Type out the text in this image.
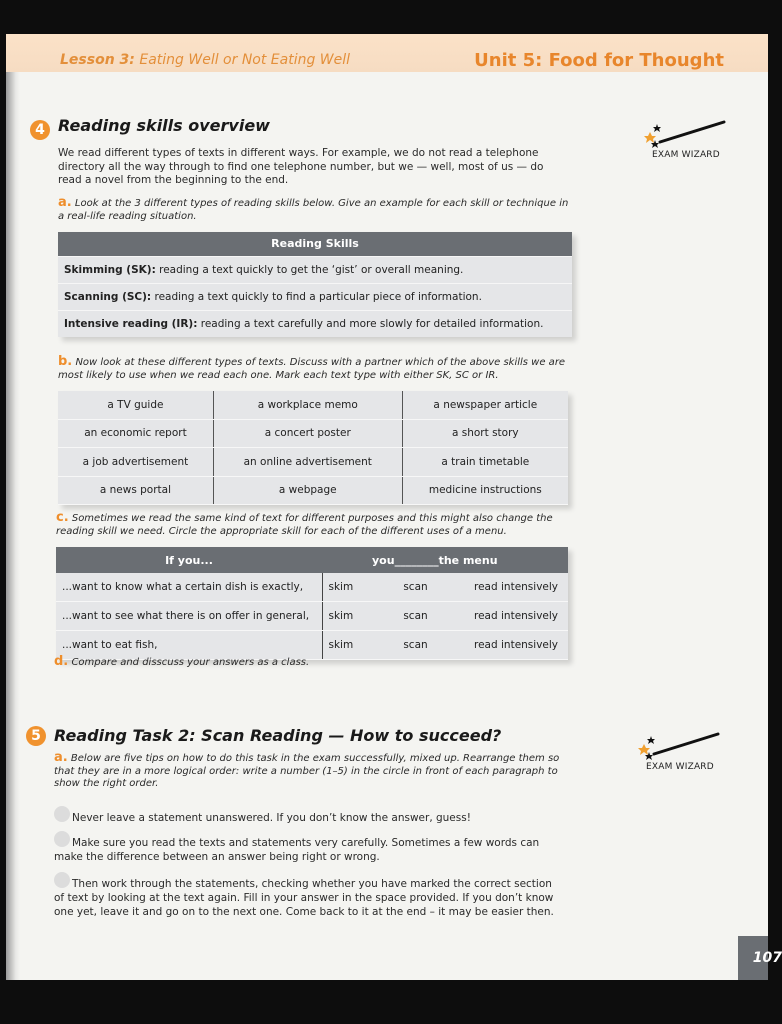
Lesson 3: Eating Well or Not Eating Well	Unit 5: Food for Thought
4 Reading skills overview
We read different types of texts in different ways. For example, we do not read a telephone
directory all the way through to find one telephone number, but we — well, most of us — do
read a novel from the beginning to the end.
a. Look at the 3 different types of reading skills below. Give an example for each skill or technique in
a real-life reading situation.
Reading Skills
Skimming (SK): reading a text quickly to get the ‘gist’ or overall meaning.
Scanning (SC): reading a text quickly to find a particular piece of information.
Intensive reading (IR): reading a text carefully and more slowly for detailed information.
b. Now look at these different types of texts. Discuss with a partner which of the above skills we are
most likely to use when we read each one. Mark each text type with either SK, SC or IR.
a TV guide	a workplace memo	a newspaper article
an economic report	a concert poster	a short story
a job advertisement	an online advertisement	a train timetable
a news portal	a webpage	medicine instructions
c. Sometimes we read the same kind of text for different purposes and this might also change the
reading skill we need. Circle the appropriate skill for each of the different uses of a menu.
If you...	you________the menu		
...want to know what a certain dish is exactly,	skim	scan	read intensively
...want to see what there is on offer in general,	skim	scan	read intensively
...want to eat fish,	skim	scan	read intensively
d. Compare and disscuss your answers as a class.
EXAM WIZARD
5 Reading Task 2: Scan Reading — How to succeed?
a. Below are five tips on how to do this task in the exam successfully, mixed up. Rearrange them so
that they are in a more logical order: write a number (1–5) in the circle in front of each paragraph to
show the right order.
EXAM WIZARD
Never leave a statement unanswered. If you don’t know the answer, guess!
Make sure you read the texts and statements very carefully. Sometimes a few words can
make the difference between an answer being right or wrong.
Then work through the statements, checking whether you have marked the correct section
of text by looking at the text again. Fill in your answer in the space provided. If you don’t know
one yet, leave it and go on to the next one. Come back to it at the end – it may be easier then.
107
